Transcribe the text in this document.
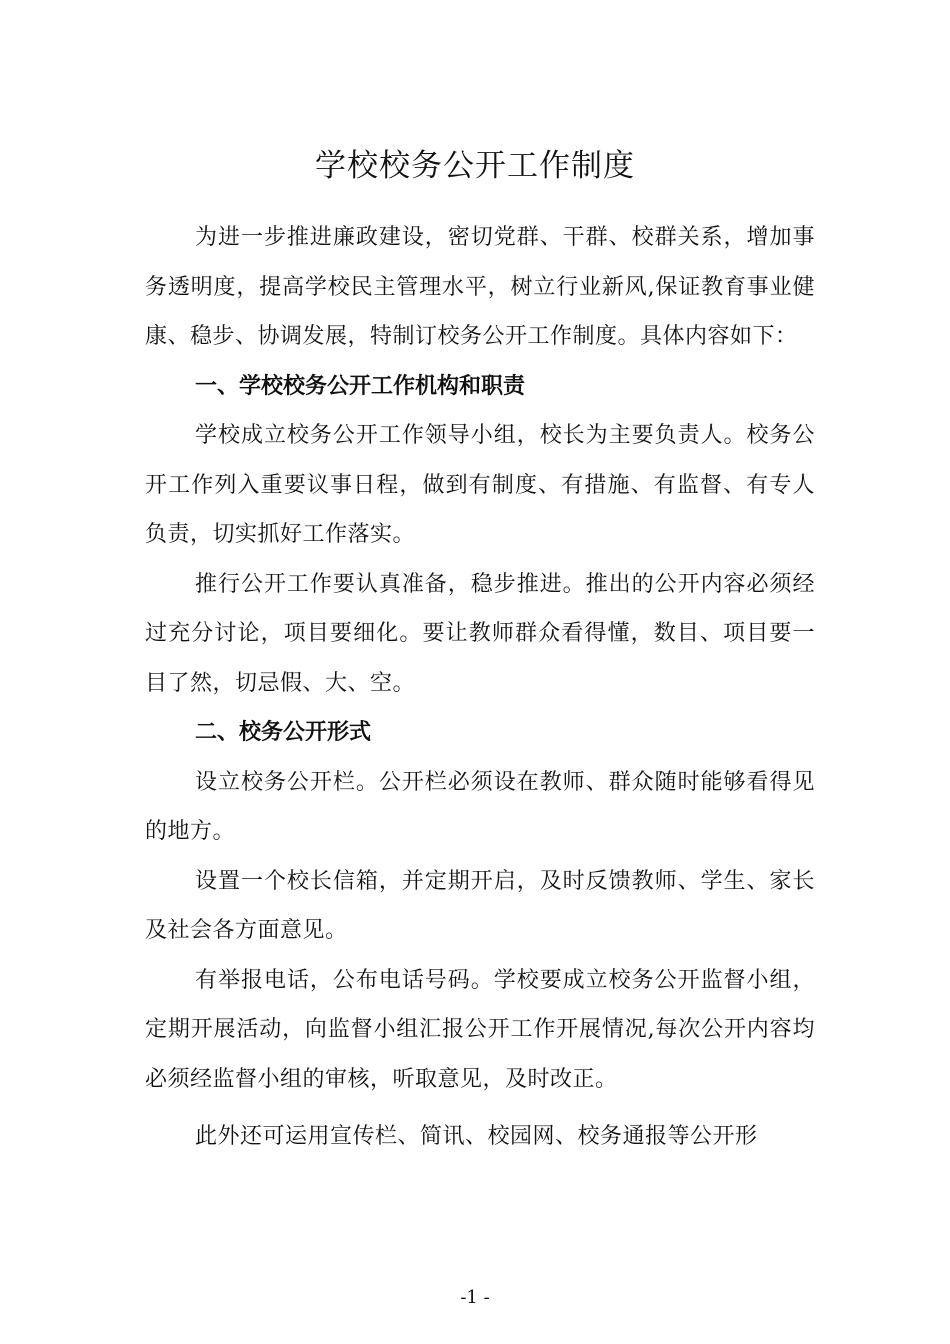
学校校务公开工作制度

为进一步推进廉政建设，密切党群、干群、校群关系，增加事务透明度，提高学校民主管理水平，树立行业新风,保证教育事业健康、稳步、协调发展，特制订校务公开工作制度。具体内容如下：

一、学校校务公开工作机构和职责

学校成立校务公开工作领导小组，校长为主要负责人。校务公开工作列入重要议事日程，做到有制度、有措施、有监督、有专人负责，切实抓好工作落实。

推行公开工作要认真准备，稳步推进。推出的公开内容必须经过充分讨论，项目要细化。要让教师群众看得懂，数目、项目要一目了然，切忌假、大、空。

二、校务公开形式

设立校务公开栏。公开栏必须设在教师、群众随时能够看得见的地方。

设置一个校长信箱，并定期开启，及时反馈教师、学生、家长及社会各方面意见。

有举报电话，公布电话号码。学校要成立校务公开监督小组，定期开展活动，向监督小组汇报公开工作开展情况,每次公开内容均必须经监督小组的审核，听取意见，及时改正。

此外还可运用宣传栏、简讯、校园网、校务通报等公开形

-1 -
